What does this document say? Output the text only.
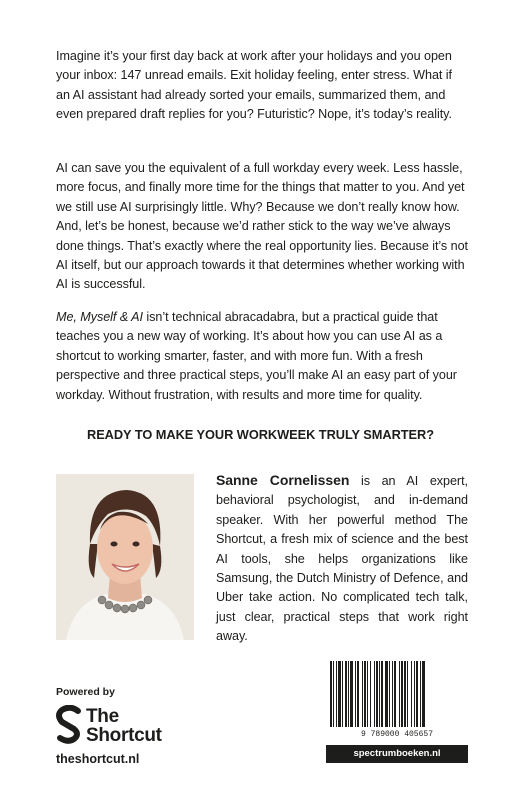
Imagine it’s your first day back at work after your holidays and you open your inbox: 147 unread emails. Exit holiday feeling, enter stress. What if an AI assistant had already sorted your emails, summarized them, and even prepared draft replies for you? Futuristic? Nope, it’s today’s reality.

AI can save you the equivalent of a full workday every week. Less hassle, more focus, and finally more time for the things that matter to you. And yet we still use AI surprisingly little. Why? Because we don’t really know how. And, let’s be honest, because we’d rather stick to the way we’ve always done things. That’s exactly where the real opportunity lies. Because it’s not AI itself, but our approach towards it that determines whether working with AI is successful.

Me, Myself & AI isn’t technical abracadabra, but a practical guide that teaches you a new way of working. It’s about how you can use AI as a shortcut to working smarter, faster, and with more fun. With a fresh perspective and three practical steps, you’ll make AI an easy part of your workday. Without frustration, with results and more time for quality.

READY TO MAKE YOUR WORKWEEK TRULY SMARTER?

Sanne Cornelissen is an AI expert, behavioral psychologist, and in-demand speaker. With her powerful method The Shortcut, a fresh mix of science and the best AI tools, she helps organizations like Samsung, the Dutch Ministry of Defence, and Uber take action. No complicated tech talk, just clear, practical steps that work right away.

Powered by
The
Shortcut
theshortcut.nl
9 789000 405657
spectrumboeken.nl
